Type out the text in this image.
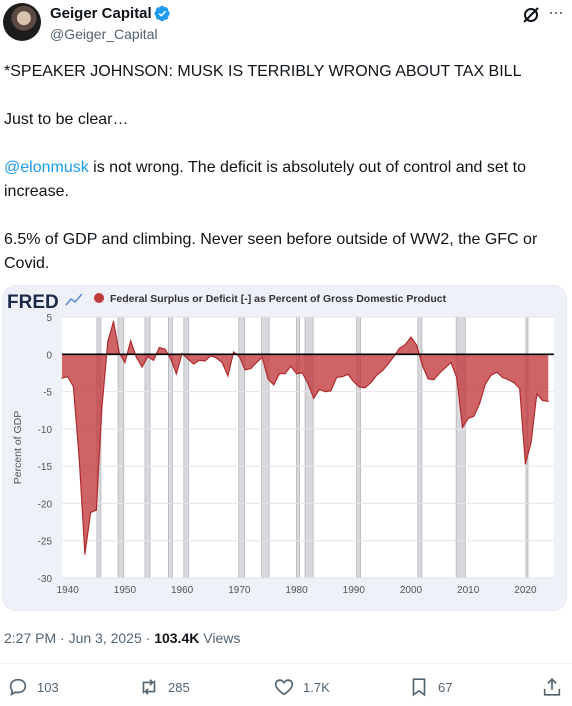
Geiger Capital
@Geiger_Capital
···

*SPEAKER JOHNSON: MUSK IS TERRIBLY WRONG ABOUT TAX BILL

Just to be clear…

@elonmusk is not wrong. The deficit is absolutely out of control and set to increase.

6.5% of GDP and climbing. Never seen before outside of WW2, the GFC or Covid.

5
0
-5
-10
-15
-20
-25
-30
1940	1950	1960	1970	1980	1990	2000	2010	2020
FRED	Federal Surplus or Deficit [-] as Percent of Gross Domestic Product
Percent of GDP
2:27 PM · Jun 3, 2025 · 103.4K Views
103	285	1.7K	67
